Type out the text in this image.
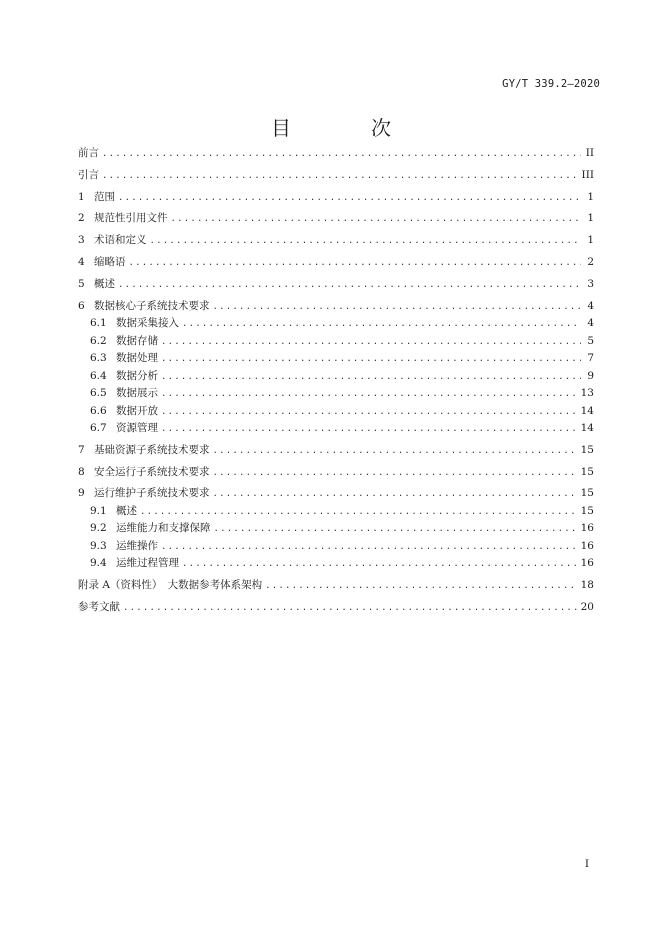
GY/T 339.2—2020
目　次
前言 .....	II
引言 .....	III
1 范围 .....	1
2 规范性引用文件 .....	1
3 术语和定义 .....	1
4 缩略语 .....	2
5 概述 .....	3
6 数据核心子系统技术要求 .....	4
6.1 数据采集接入 .....	4
6.2 数据存储 .....	5
6.3 数据处理 .....	7
6.4 数据分析 .....	9
6.5 数据展示 .....	13
6.6 数据开放 .....	14
6.7 资源管理 .....	14
7 基础资源子系统技术要求 .....	15
8 安全运行子系统技术要求 .....	15
9 运行维护子系统技术要求 .....	15
9.1 概述 .....	15
9.2 运维能力和支撑保障 .....	16
9.3 运维操作 .....	16
9.4 运维过程管理 .....	16
附录 A（资料性）　大数据参考体系架构 .....	18
参考文献 .....	20
I
